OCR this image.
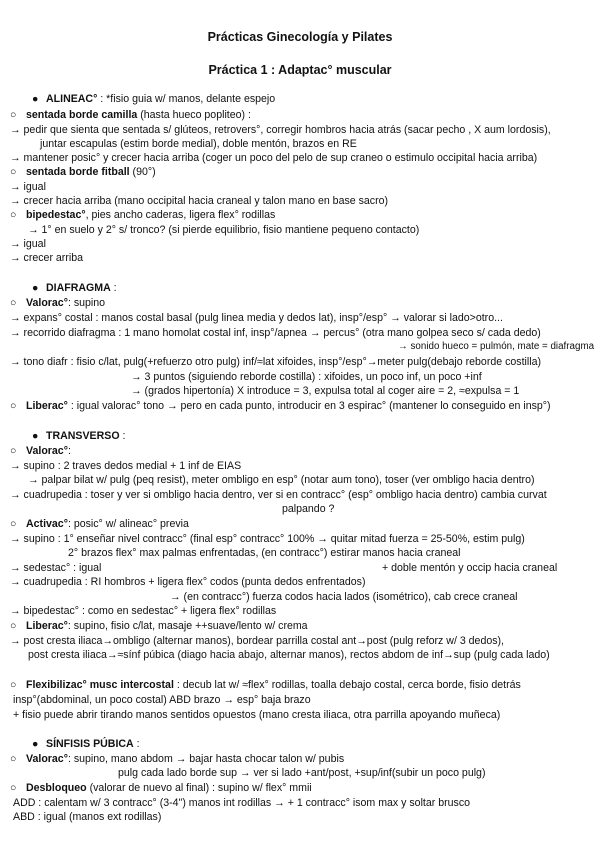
Prácticas Ginecología y Pilates
Práctica 1 : Adaptac° muscular
● ALINEAC° : *fisio guia w/ manos, delante espejo
○ sentada borde camilla (hasta hueco popliteo) :
→ pedir que sienta que sentada s/ glúteos, retrovers°, corregir hombros hacia atrás (sacar pecho , X aum lordosis),
juntar escapulas (estim borde medial), doble mentón, brazos en RE
→ mantener posic° y crecer hacia arriba (coger un poco del pelo de sup craneo o estimulo occipital hacia arriba)
○ sentada borde fitball (90°)
→ igual
→ crecer hacia arriba (mano occipital hacia craneal y talon mano en base sacro)
○ bipedestac°, pies ancho caderas, ligera flex° rodillas
→ 1° en suelo y 2° s/ tronco? (si pierde equilibrio, fisio mantiene pequeno contacto)
→ igual
→ crecer arriba
● DIAFRAGMA :
○ Valorac°: supino
→ expans° costal : manos costal basal (pulg linea media y dedos lat), insp°/esp° → valorar si lado>otro...
→ recorrido diafragma : 1 mano homolat costal inf, insp°/apnea → percus° (otra mano golpea seco s/ cada dedo)
→ sonido hueco = pulmón, mate = diafragma
→ tono diafr : fisio c/lat, pulg(+refuerzo otro pulg) inf/≈lat xifoides, insp°/esp°→meter pulg(debajo reborde costilla)
→ 3 puntos (siguiendo reborde costilla) : xifoides, un poco inf, un poco +inf
→ (grados hipertonía) X introduce = 3, expulsa total al coger aire = 2, ≈expulsa = 1
○ Liberac° : igual valorac° tono → pero en cada punto, introducir en 3 espirac° (mantener lo conseguido en insp°)
● TRANSVERSO :
○ Valorac°:
→ supino : 2 traves dedos medial + 1 inf de EIAS
→ palpar bilat w/ pulg (peq resist), meter ombligo en esp° (notar aum tono), toser (ver ombligo hacia dentro)
→ cuadrupedia : toser y ver si ombligo hacia dentro, ver si en contracc° (esp° ombligo hacia dentro) cambia curvat
palpando ?
○ Activac°: posic° w/ alineac° previa
→ supino : 1° enseñar nivel contracc° (final esp° contracc° 100% → quitar mitad fuerza = 25-50%, estim pulg)
2° brazos flex° max palmas enfrentadas, (en contracc°) estirar manos hacia craneal
→ sedestac° : igual	+ doble mentón y occip hacia craneal
→ cuadrupedia : RI hombros + ligera flex° codos (punta dedos enfrentados)
→ (en contracc°) fuerza codos hacia lados (isométrico), cab crece craneal
→ bipedestac° : como en sedestac° + ligera flex° rodillas
○ Liberac°: supino, fisio c/lat, masaje ++suave/lento w/ crema
→ post cresta iliaca→ombligo (alternar manos), bordear parrilla costal ant→post (pulg reforz w/ 3 dedos),
post cresta iliaca→≈sínf púbica (diago hacia abajo, alternar manos), rectos abdom de inf→sup (pulg cada lado)
○ Flexibilizac° musc intercostal : decub lat w/ ≈flex° rodillas, toalla debajo costal, cerca borde, fisio detrás
insp°(abdominal, un poco costal) ABD brazo → esp° baja brazo
+ fisio puede abrir tirando manos sentidos opuestos (mano cresta iliaca, otra parrilla apoyando muñeca)
● SÍNFISIS PÚBICA :
○ Valorac°: supino, mano abdom → bajar hasta chocar talon w/ pubis
pulg cada lado borde sup → ver si lado +ant/post, +sup/inf(subir un poco pulg)
○ Desbloqueo (valorar de nuevo al final) : supino w/ flex° mmii
ADD : calentam w/ 3 contracc° (3-4") manos int rodillas → + 1 contracc° isom max y soltar brusco
ABD : igual (manos ext rodillas)
